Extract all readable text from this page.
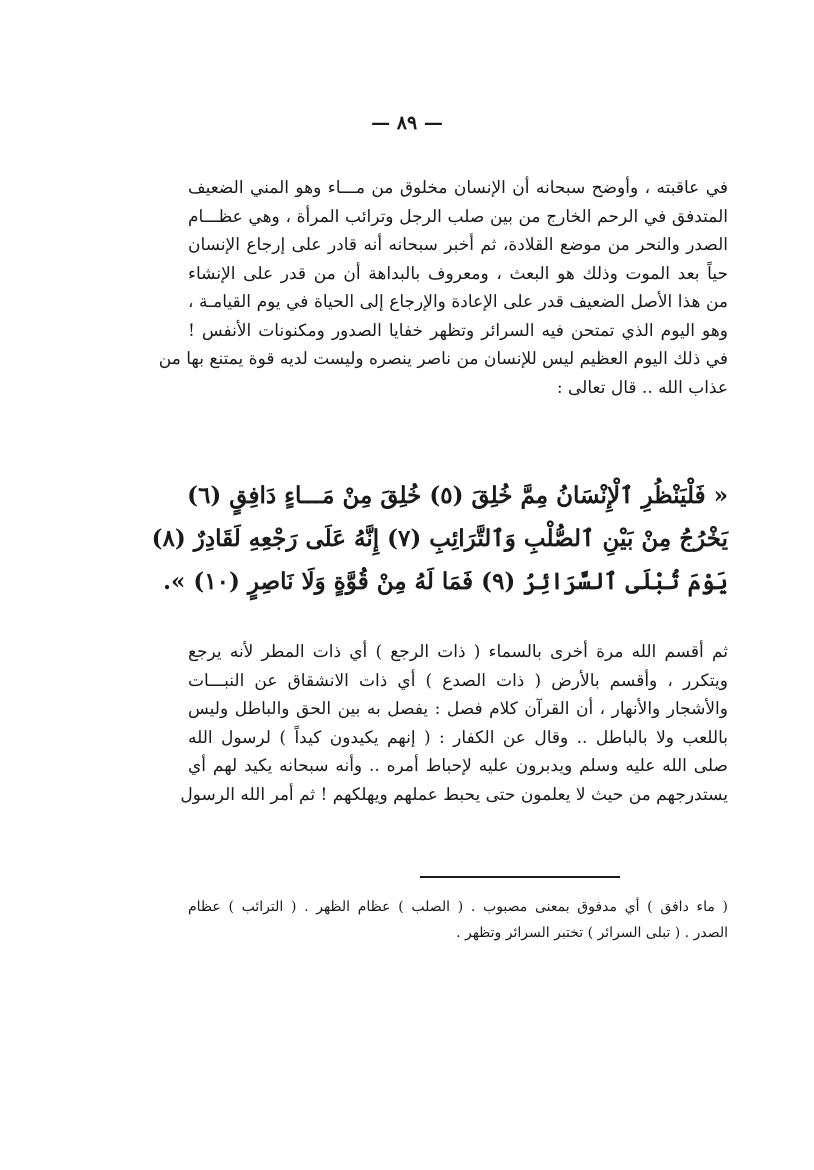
— ٨٩ —
في عاقبته ، وأوضح سبحانه أن الإنسان مخلوق من مـــاء وهو المني الضعيف
المتدفق في الرحم الخارج من بين صلب الرجل وترائب المرأة ، وهي عظـــام
الصدر والنحر من موضع القلادة، ثم أخبر سبحانه أنه قادر على إرجاع الإنسان
حياً بعد الموت وذلك هو البعث ، ومعروف بالبداهة أن من قدر على الإنشاء
من هذا الأصل الضعيف قدر على الإعادة والإرجاع إلى الحياة في يوم القيامـة ،
وهو اليوم الذي تمتحن فيه السرائر وتظهر خفايا الصدور ومكنونات الأنفس !
في ذلك اليوم العظيم ليس للإنسان من ناصر ينصره وليست لديه قوة يمتنع بها من
عذاب الله .. قال تعالى :
« فَلْيَنْظُرِ ٱلْإِنْسَانُ مِمَّ خُلِقَ (٥) خُلِقَ مِنْ مَـــاءٍ دَافِقٍ (٦)
يَخْرُجُ مِنْ بَيْنِ ٱلصُّلْبِ وَٱلتَّرَائِبِ (٧) إِنَّهُ عَلَى رَجْعِهِ لَقَادِرٌ (٨)
يَوْمَ تُبْلَى ٱلسَّرَائِرُ (٩) فَمَا لَهُ مِنْ قُوَّةٍ وَلَا نَاصِرٍ (١٠) ».
ثم أقسم الله مرة أخرى بالسماء ( ذات الرجع ) أي ذات المطر لأنه يرجع
ويتكرر ، وأقسم بالأرض ( ذات الصدع ) أي ذات الانشقاق عن النبـــات
والأشجار والأنهار ، أن القرآن كلام فصل : يفصل به بين الحق والباطل وليس
باللعب ولا بالباطل .. وقال عن الكفار : ( إنهم يكيدون كيداً ) لرسول الله
صلى الله عليه وسلم ويدبرون عليه لإحباط أمره .. وأنه سبحانه يكيد لهم أي
يستدرجهم من حيث لا يعلمون حتى يحبط عملهم ويهلكهم ! ثم أمر الله الرسول
( ماء دافق ) أي مدفوق بمعنى مصبوب . ( الصلب ) عظام الظهر . ( الترائب ) عظام
الصدر . ( تبلى السرائر ) تختبر السرائر وتظهر .
